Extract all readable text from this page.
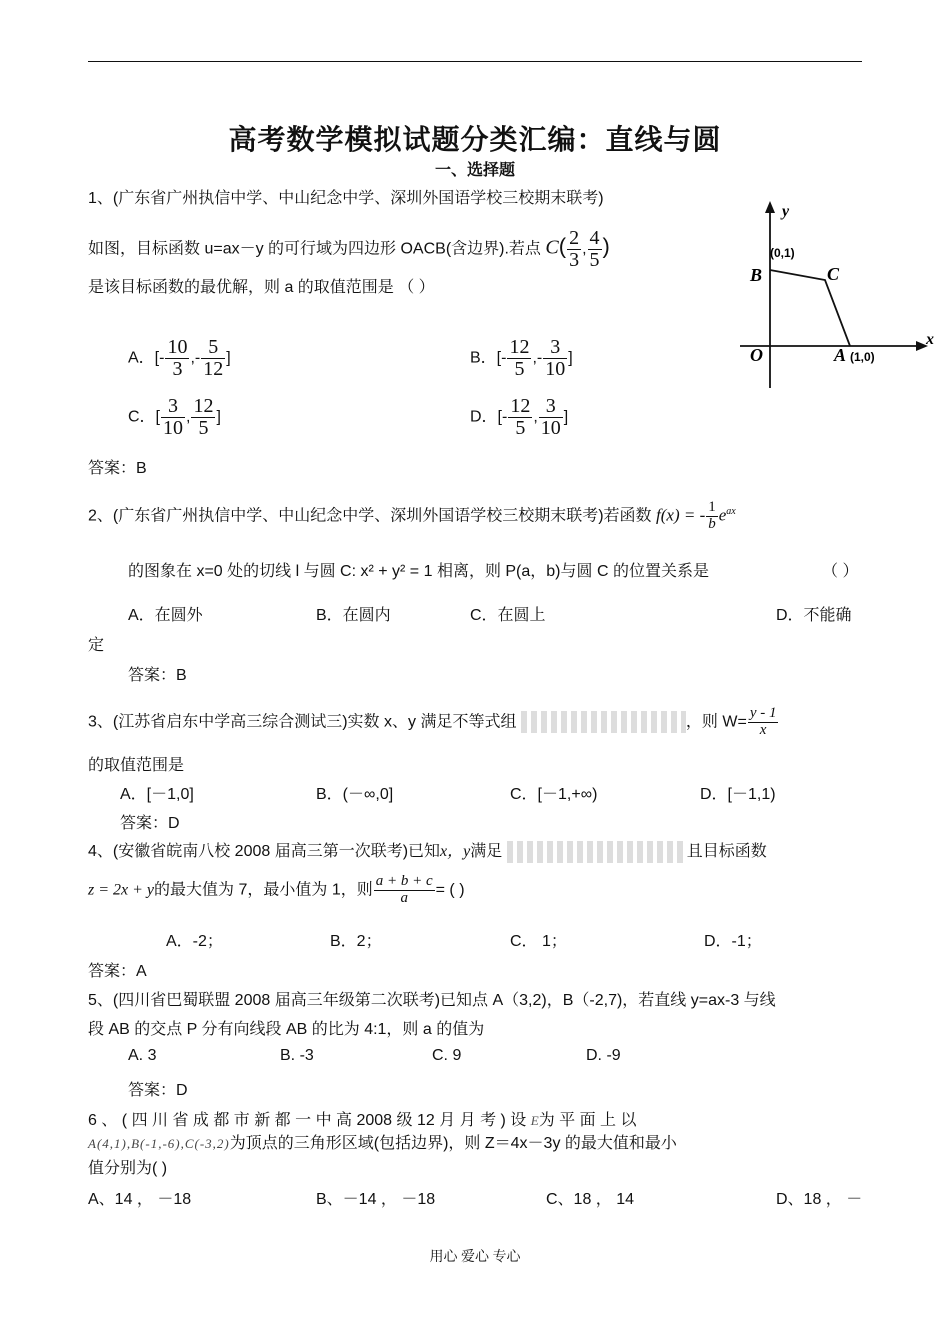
高考数学模拟试题分类汇编：直线与圆
一、选择题
1、(广东省广州执信中学、中山纪念中学、深圳外国语学校三校期末联考)
如图，目标函数 u=ax－y 的可行域为四边形 OACB(含边界).若点 $C( \frac{2}{3}$ , $\frac{4}{5}$ )
是该目标函数的最优解，则 a 的取值范围是 （ ）
A．[- $\frac{10}{3}$ ,- $\frac{5}{12}$ ]	B．[- $\frac{12}{5}$ ,- $\frac{3}{10}$ ]
C．[ $\frac{3}{10}$ , $\frac{12}{5}$ ]	D．[- $\frac{12}{5}$ , $\frac{3}{10}$ ]
答案：B
y
x
O	A (1,0)
B
(0,1)
C
2、(广东省广州执信中学、中山纪念中学、深圳外国语学校三校期末联考)若函数 f(x) = - $\frac{1}{b} e^{ax}$
的图象在 x=0 处的切线 l 与圆 C: x² + y² = 1 相离，则 P(a，b)与圆 C 的位置关系是	（ ）
A．在圆外	B．在圆内	C．在圆上	D．不能确
定
答案：B
3、(江苏省启东中学高三综合测试三)实数 x、y 满足不等式组	，则 $W= \frac{y - 1}{x}$
的取值范围是
A．[－1,0]	B．(－∞,0]	C．[－1,+∞)	D．[－1,1)
答案：D
4、(安徽省皖南八校 2008 届高三第一次联考)已知x，y满足	且目标函数
z = 2x + y的最大值为 7，最小值为 1，则 $\frac{a + b + c}{a}$ = ( )
A．-2；	B．2；	C． 1；	D．-1；
答案：A
5、(四川省巴蜀联盟 2008 届高三年级第二次联考)已知点 A（3,2)，B（-2,7)，若直线 y=ax-3 与线
段 AB 的交点 P 分有向线段 AB 的比为 4:1，则 a 的值为
A. 3	B. -3	C. 9	D. -9
答案：D
6 、 ( 四 川 省 成 都 市 新 都 一 中 高 2008 级 12 月 月 考 ) 设 E为 平 面 上 以
A(4,1),B(-1,-6),C(-3,2)为顶点的三角形区域(包括边界)，则 Z＝4x－3y 的最大值和最小
值分别为( )
A、14 ， －18	B、－14 ， －18	C、18 ， 14	D、18 ， －
用心 爱心 专心
